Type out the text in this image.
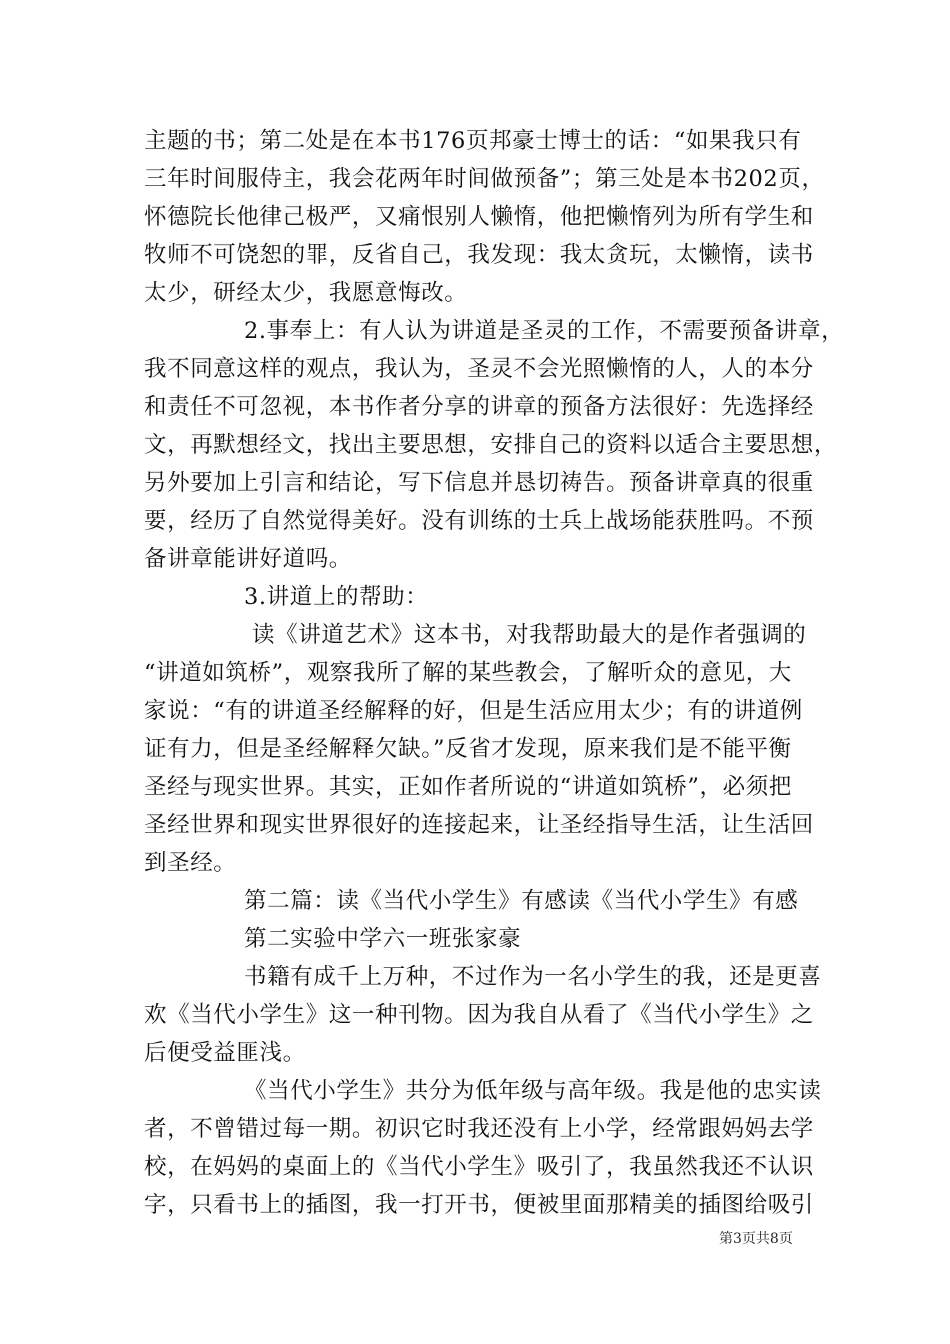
主题的书；第二处是在本书176页邦豪士博士的话：“如果我只有
三年时间服侍主，我会花两年时间做预备”；第三处是本书202页，
怀德院长他律己极严，又痛恨别人懒惰，他把懒惰列为所有学生和
牧师不可饶恕的罪，反省自己，我发现：我太贪玩，太懒惰，读书
太少，研经太少，我愿意悔改。
2.事奉上：有人认为讲道是圣灵的工作，不需要预备讲章，
我不同意这样的观点，我认为，圣灵不会光照懒惰的人，人的本分
和责任不可忽视，本书作者分享的讲章的预备方法很好：先选择经
文，再默想经文，找出主要思想，安排自己的资料以适合主要思想，
另外要加上引言和结论，写下信息并恳切祷告。预备讲章真的很重
要，经历了自然觉得美好。没有训练的士兵上战场能获胜吗。不预
备讲章能讲好道吗。
3.讲道上的帮助：
读《讲道艺术》这本书，对我帮助最大的是作者强调的
“讲道如筑桥”，观察我所了解的某些教会，了解听众的意见，大
家说：“有的讲道圣经解释的好，但是生活应用太少；有的讲道例
证有力，但是圣经解释欠缺。”反省才发现，原来我们是不能平衡
圣经与现实世界。其实，正如作者所说的“讲道如筑桥”，必须把
圣经世界和现实世界很好的连接起来，让圣经指导生活，让生活回
到圣经。
第二篇：读《当代小学生》有感读《当代小学生》有感
第二实验中学六一班张家豪
书籍有成千上万种，不过作为一名小学生的我，还是更喜
欢《当代小学生》这一种刊物。因为我自从看了《当代小学生》之
后便受益匪浅。
《当代小学生》共分为低年级与高年级。我是他的忠实读
者，不曾错过每一期。初识它时我还没有上小学，经常跟妈妈去学
校，在妈妈的桌面上的《当代小学生》吸引了，我虽然我还不认识
字，只看书上的插图，我一打开书，便被里面那精美的插图给吸引
第3页共8页
